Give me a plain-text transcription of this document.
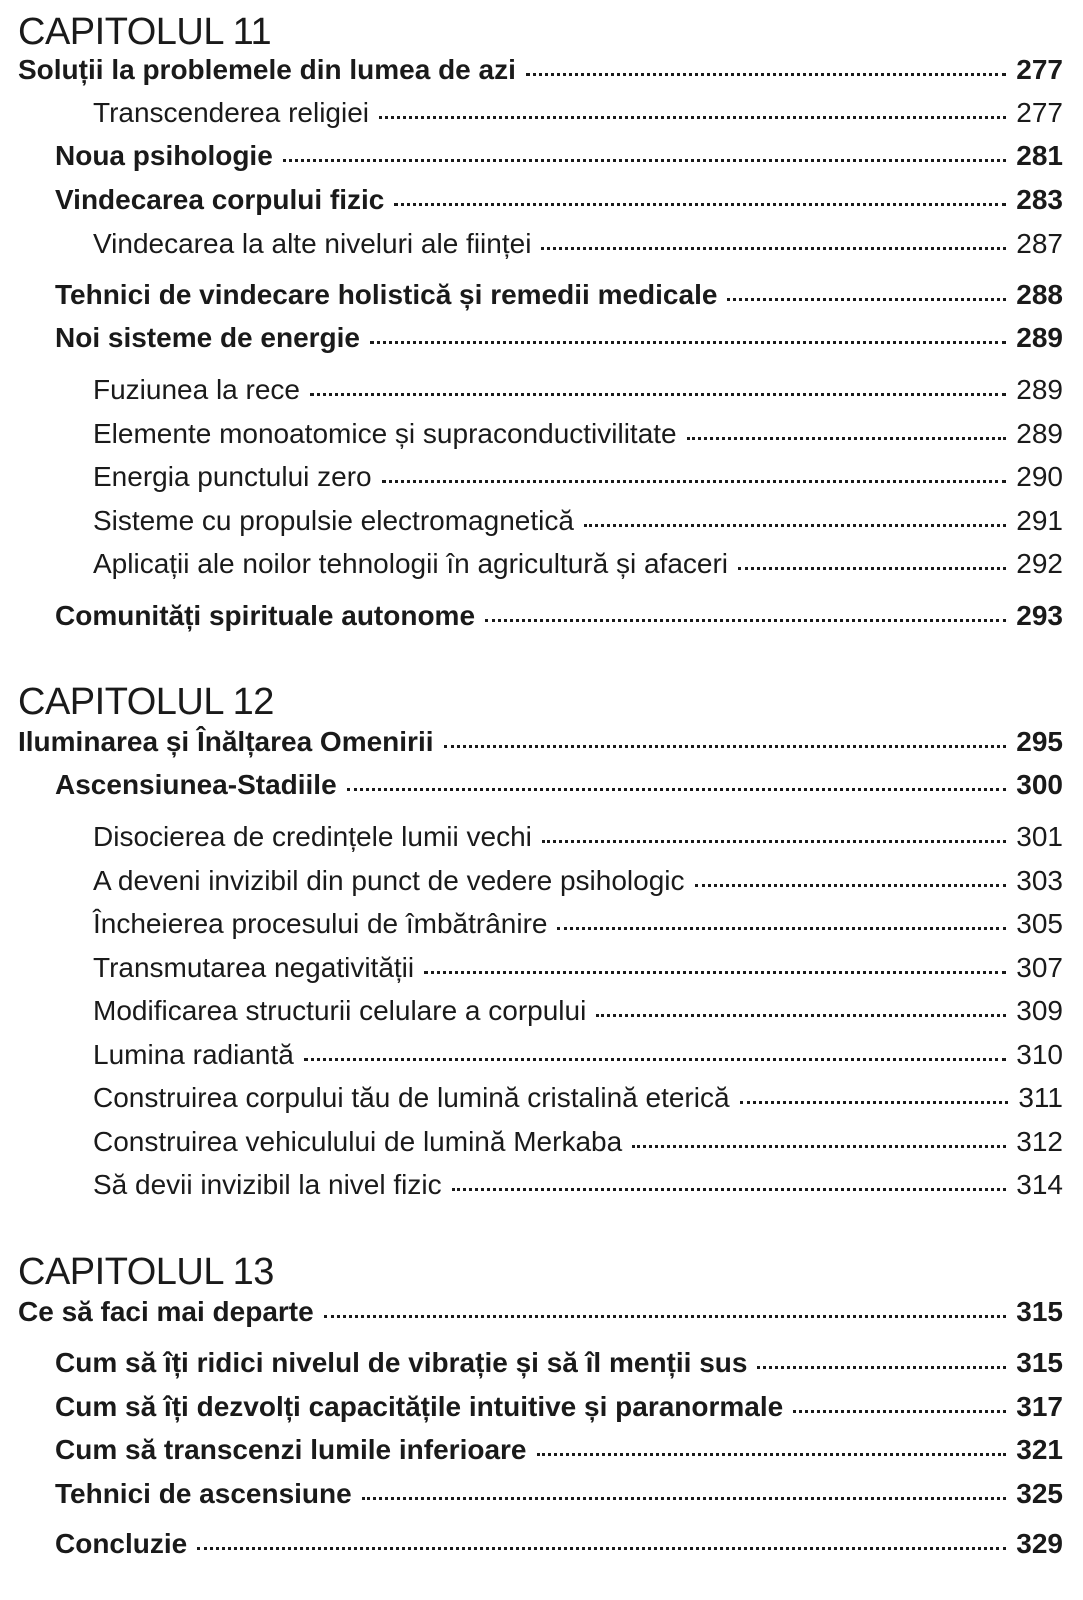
CAPITOLUL 11
CAPITOLUL 12
CAPITOLUL 13
Soluții la problemele din lumea de azi	277
Transcenderea religiei	277
Noua psihologie	281
Vindecarea corpului fizic	283
Vindecarea la alte niveluri ale ființei	287
Tehnici de vindecare holistică și remedii medicale	288
Noi sisteme de energie	289
Fuziunea la rece	289
Elemente monoatomice și supraconductivilitate	289
Energia punctului zero	290
Sisteme cu propulsie electromagnetică	291
Aplicații ale noilor tehnologii în agricultură și afaceri	292
Comunități spirituale autonome	293
Iluminarea și Înălțarea Omenirii	295
Ascensiunea-Stadiile	300
Disocierea de credințele lumii vechi	301
A deveni invizibil din punct de vedere psihologic	303
Încheierea procesului de îmbătrânire	305
Transmutarea negativității	307
Modificarea structurii celulare a corpului	309
Lumina radiantă	310
Construirea corpului tău de lumină cristalină eterică	311
Construirea vehiculului de lumină Merkaba	312
Să devii invizibil la nivel fizic	314
Ce să faci mai departe	315
Cum să îți ridici nivelul de vibrație și să îl menții sus	315
Cum să îți dezvolți capacitățile intuitive și paranormale	317
Cum să transcenzi lumile inferioare	321
Tehnici de ascensiune	325
Concluzie	329
